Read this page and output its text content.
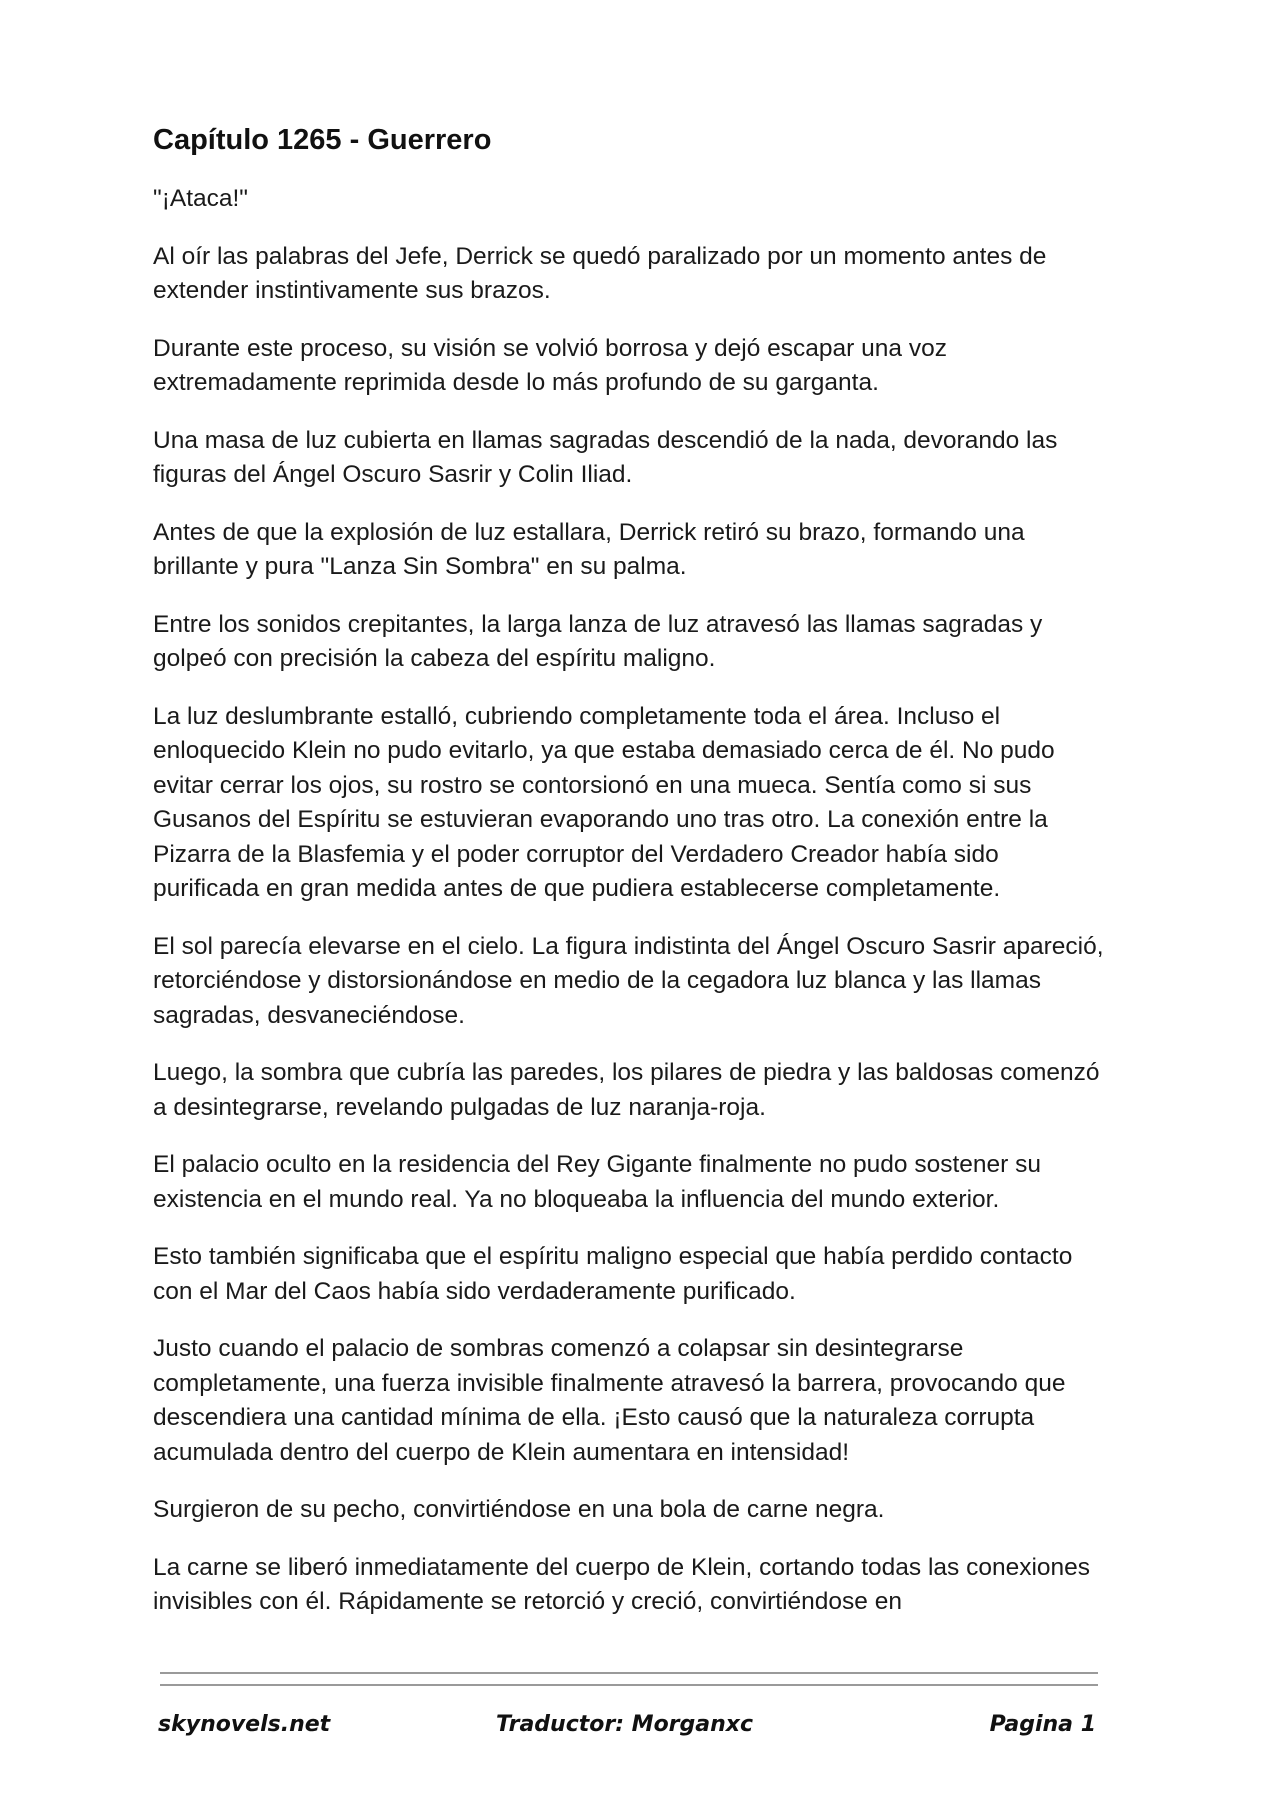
Capítulo 1265 - Guerrero

"¡Ataca!"

Al oír las palabras del Jefe, Derrick se quedó paralizado por un momento antes de extender instintivamente sus brazos.

Durante este proceso, su visión se volvió borrosa y dejó escapar una voz extremadamente reprimida desde lo más profundo de su garganta.

Una masa de luz cubierta en llamas sagradas descendió de la nada, devorando las figuras del Ángel Oscuro Sasrir y Colin Iliad.

Antes de que la explosión de luz estallara, Derrick retiró su brazo, formando una brillante y pura "Lanza Sin Sombra" en su palma.

Entre los sonidos crepitantes, la larga lanza de luz atravesó las llamas sagradas y golpeó con precisión la cabeza del espíritu maligno.

La luz deslumbrante estalló, cubriendo completamente toda el área. Incluso el enloquecido Klein no pudo evitarlo, ya que estaba demasiado cerca de él. No pudo evitar cerrar los ojos, su rostro se contorsionó en una mueca. Sentía como si sus Gusanos del Espíritu se estuvieran evaporando uno tras otro. La conexión entre la Pizarra de la Blasfemia y el poder corruptor del Verdadero Creador había sido purificada en gran medida antes de que pudiera establecerse completamente.

El sol parecía elevarse en el cielo. La figura indistinta del Ángel Oscuro Sasrir apareció, retorciéndose y distorsionándose en medio de la cegadora luz blanca y las llamas sagradas, desvaneciéndose.

Luego, la sombra que cubría las paredes, los pilares de piedra y las baldosas comenzó a desintegrarse, revelando pulgadas de luz naranja-roja.

El palacio oculto en la residencia del Rey Gigante finalmente no pudo sostener su existencia en el mundo real. Ya no bloqueaba la influencia del mundo exterior.

Esto también significaba que el espíritu maligno especial que había perdido contacto con el Mar del Caos había sido verdaderamente purificado.

Justo cuando el palacio de sombras comenzó a colapsar sin desintegrarse completamente, una fuerza invisible finalmente atravesó la barrera, provocando que descendiera una cantidad mínima de ella. ¡Esto causó que la naturaleza corrupta acumulada dentro del cuerpo de Klein aumentara en intensidad!

Surgieron de su pecho, convirtiéndose en una bola de carne negra.

La carne se liberó inmediatamente del cuerpo de Klein, cortando todas las conexiones invisibles con él. Rápidamente se retorció y creció, convirtiéndose en

skynovels.net	Traductor: Morganxc	Pagina 1
